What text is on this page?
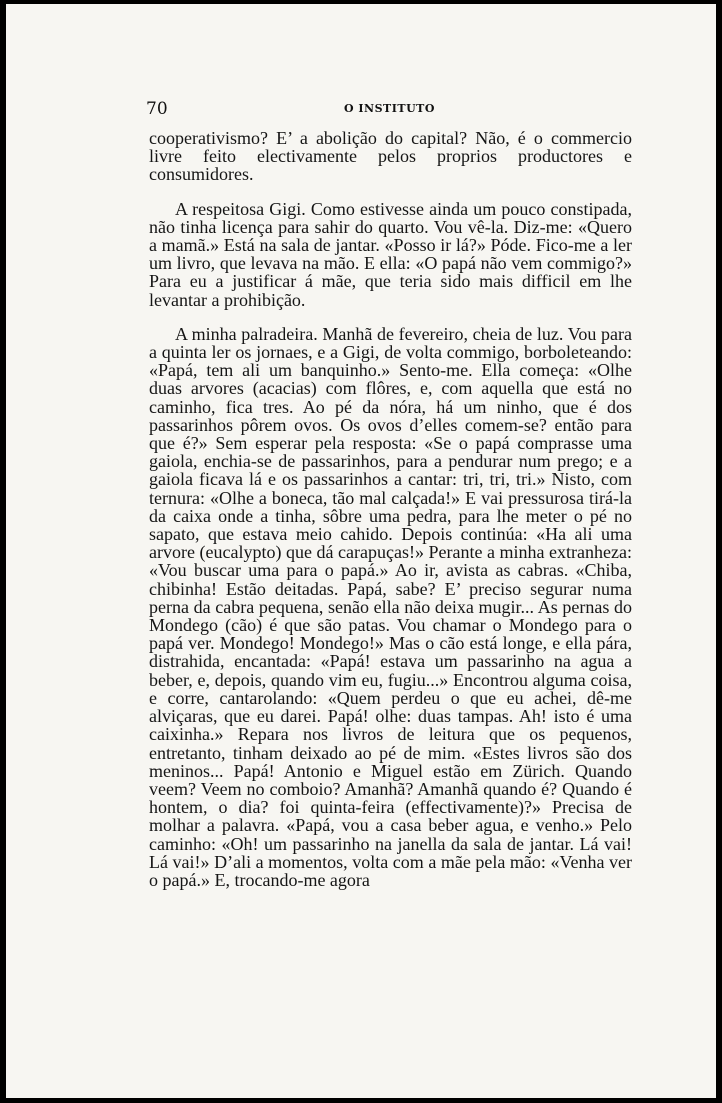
70	O INSTITUTO

cooperativismo? E’ a abolição do capital? Não, é o commercio livre feito electivamente pelos proprios productores e consumidores.

A respeitosa Gigi. Como estivesse ainda um pouco constipada, não tinha licença para sahir do quarto. Vou vê-la. Diz-me: «Quero a mamã.» Está na sala de jantar. «Posso ir lá?» Póde. Fico-me a ler um livro, que levava na mão. E ella: «O papá não vem commigo?» Para eu a justificar á mãe, que teria sido mais difficil em lhe levantar a prohibição.

A minha palradeira. Manhã de fevereiro, cheia de luz. Vou para a quinta ler os jornaes, e a Gigi, de volta commigo, borboleteando: «Papá, tem ali um banquinho.» Sento-me. Ella começa: «Olhe duas arvores (acacias) com flôres, e, com aquella que está no caminho, fica tres. Ao pé da nóra, há um ninho, que é dos passarinhos pôrem ovos. Os ovos d’elles comem-se? então para que é?» Sem esperar pela resposta: «Se o papá comprasse uma gaiola, enchia-se de passarinhos, para a pendurar num prego; e a gaiola ficava lá e os passarinhos a cantar: tri, tri, tri.» Nisto, com ternura: «Olhe a boneca, tão mal calçada!» E vai pressurosa tirá-la da caixa onde a tinha, sôbre uma pedra, para lhe meter o pé no sapato, que estava meio cahido. Depois continúa: «Ha ali uma arvore (eucalypto) que dá carapuças!» Perante a minha extranheza: «Vou buscar uma para o papá.» Ao ir, avista as cabras. «Chiba, chibinha! Estão deitadas. Papá, sabe? E’ preciso segurar numa perna da cabra pequena, senão ella não deixa mugir... As pernas do Mondego (cão) é que são patas. Vou chamar o Mondego para o papá ver. Mondego! Mondego!» Mas o cão está longe, e ella pára, distrahida, encantada: «Papá! estava um passarinho na agua a beber, e, depois, quando vim eu, fugiu...» Encontrou alguma coisa, e corre, cantarolando: «Quem perdeu o que eu achei, dê-me alviçaras, que eu darei. Papá! olhe: duas tampas. Ah! isto é uma caixinha.» Repara nos livros de leitura que os pequenos, entretanto, tinham deixado ao pé de mim. «Estes livros são dos meninos... Papá! Antonio e Miguel estão em Zürich. Quando veem? Veem no comboio? Amanhã? Amanhã quando é? Quando é hontem, o dia? foi quinta-feira (effectivamente)?» Precisa de molhar a palavra. «Papá, vou a casa beber agua, e venho.» Pelo caminho: «Oh! um passarinho na janella da sala de jantar. Lá vai! Lá vai!» D’ali a momentos, volta com a mãe pela mão: «Venha ver o papá.» E, trocando-me agora
